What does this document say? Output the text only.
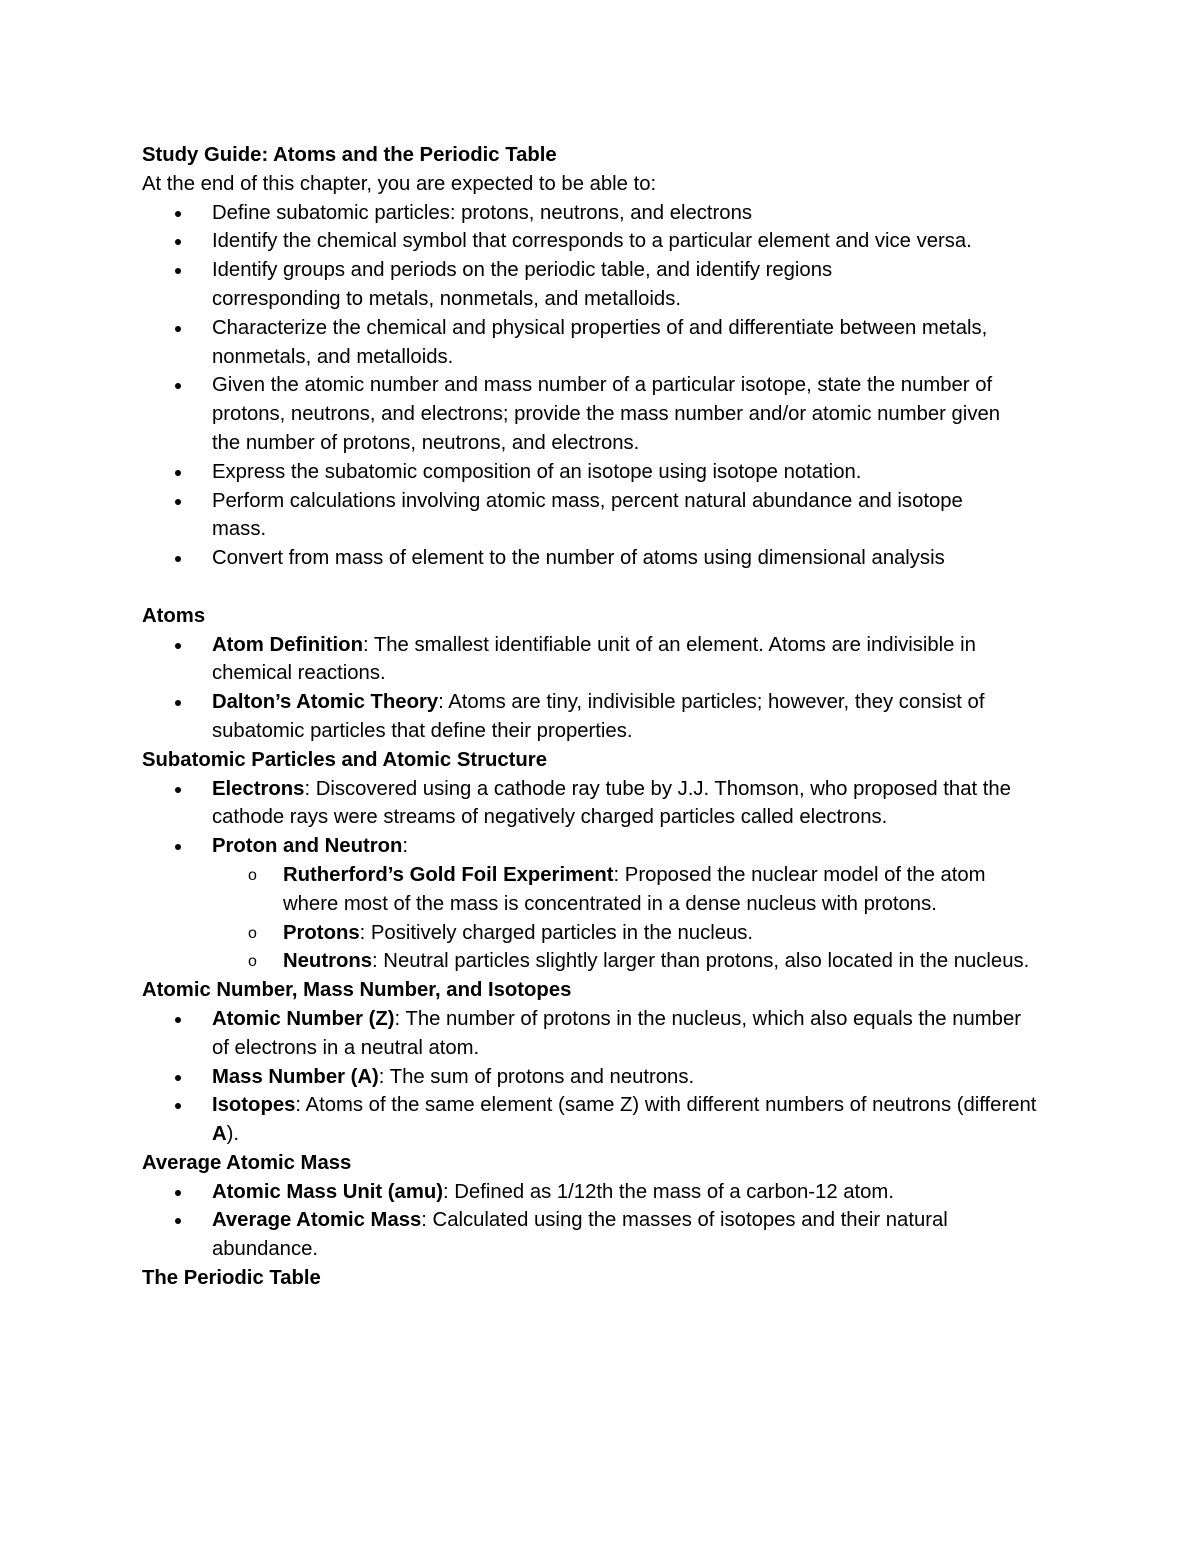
Study Guide: Atoms and the Periodic Table

At the end of this chapter, you are expected to be able to:

Define subatomic particles: protons, neutrons, and electrons
Identify the chemical symbol that corresponds to a particular element and vice versa.
Identify groups and periods on the periodic table, and identify regions corresponding to metals, nonmetals, and metalloids.
Characterize the chemical and physical properties of and differentiate between metals, nonmetals, and metalloids.
Given the atomic number and mass number of a particular isotope, state the number of protons, neutrons, and electrons; provide the mass number and/or atomic number given the number of protons, neutrons, and electrons.
Express the subatomic composition of an isotope using isotope notation.
Perform calculations involving atomic mass, percent natural abundance and isotope mass.
Convert from mass of element to the number of atoms using dimensional analysis

Atoms

Atom Definition: The smallest identifiable unit of an element. Atoms are indivisible in chemical reactions.
Dalton’s Atomic Theory: Atoms are tiny, indivisible particles; however, they consist of subatomic particles that define their properties.

Subatomic Particles and Atomic Structure

Electrons: Discovered using a cathode ray tube by J.J. Thomson, who proposed that the cathode rays were streams of negatively charged particles called electrons.
Proton and Neutron:
o Rutherford’s Gold Foil Experiment: Proposed the nuclear model of the atom where most of the mass is concentrated in a dense nucleus with protons.
o Protons: Positively charged particles in the nucleus.
o Neutrons: Neutral particles slightly larger than protons, also located in the nucleus.

Atomic Number, Mass Number, and Isotopes

Atomic Number (Z): The number of protons in the nucleus, which also equals the number of electrons in a neutral atom.
Mass Number (A): The sum of protons and neutrons.
Isotopes: Atoms of the same element (same Z) with different numbers of neutrons (different A).

Average Atomic Mass

Atomic Mass Unit (amu): Defined as 1/12th the mass of a carbon-12 atom.
Average Atomic Mass: Calculated using the masses of isotopes and their natural abundance.

The Periodic Table
